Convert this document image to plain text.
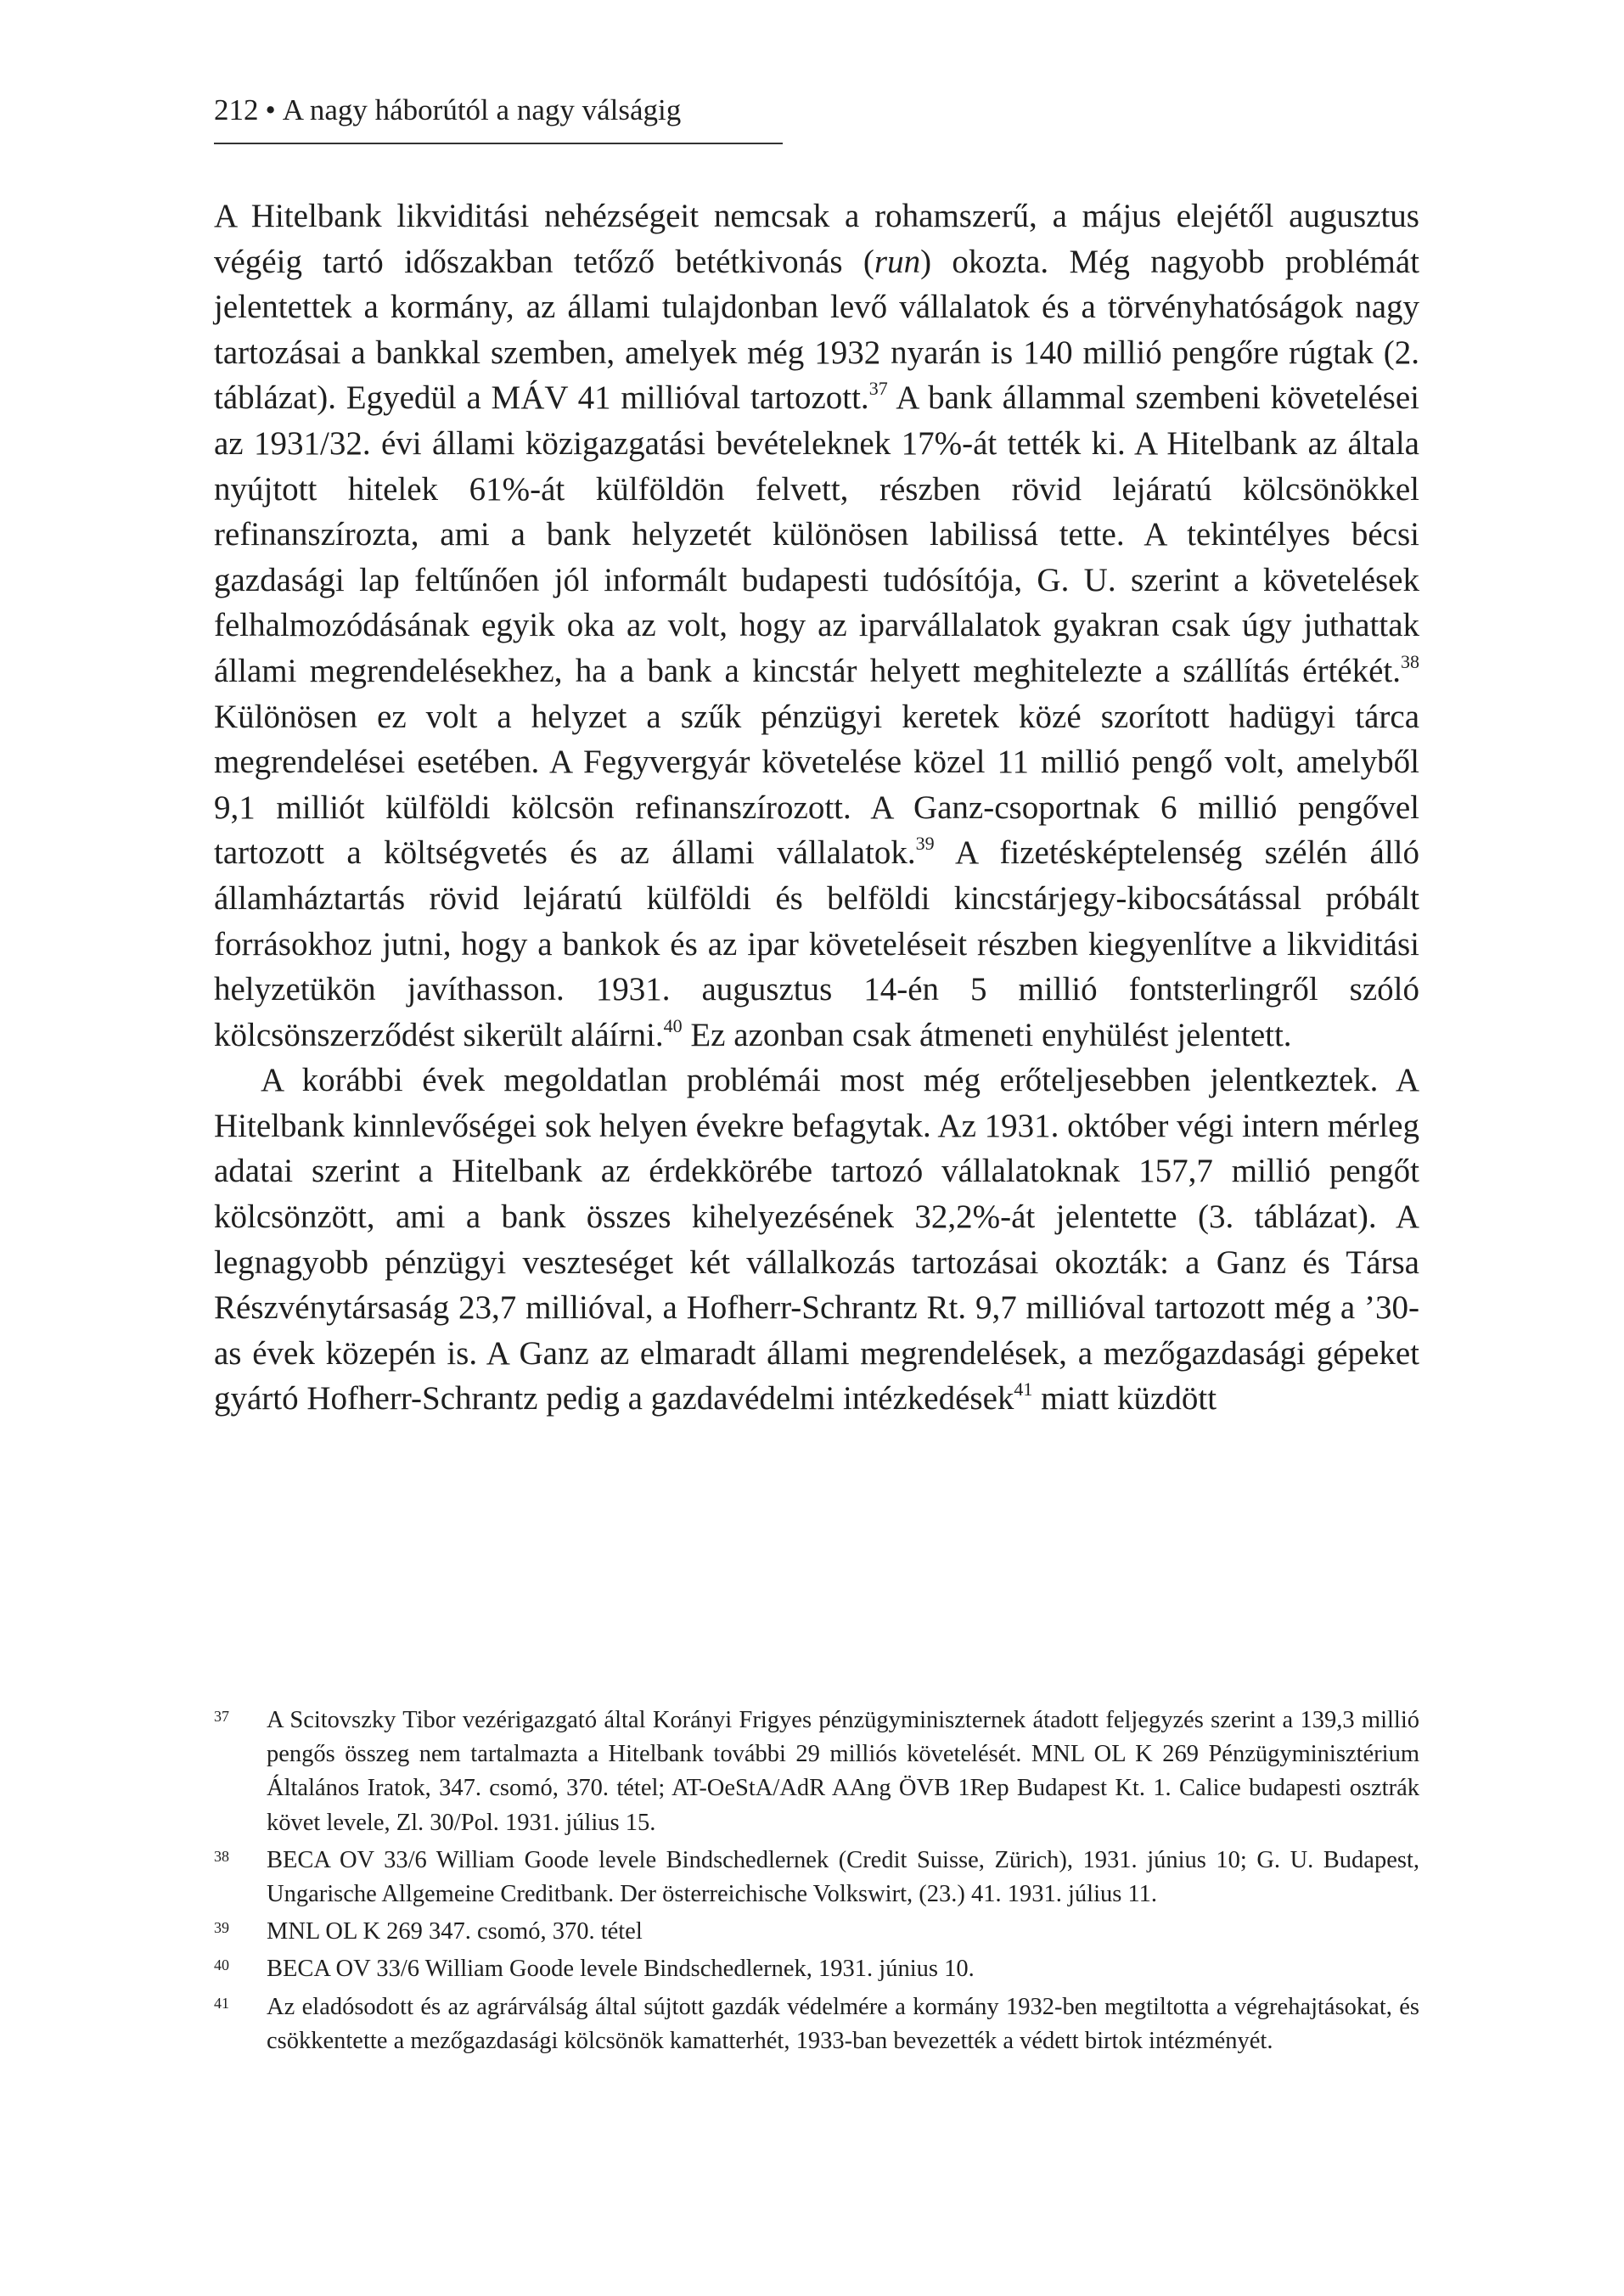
212 • A nagy háborútól a nagy válságig

A Hitelbank likviditási nehézségeit nemcsak a rohamszerű, a május elejétől augusztus végéig tartó időszakban tetőző betétkivonás (run) okozta. Még nagyobb problémát jelentettek a kormány, az állami tulajdonban levő vállalatok és a törvényhatóságok nagy tartozásai a bankkal szemben, amelyek még 1932 nyarán is 140 millió pengőre rúgtak (2. táblázat). Egyedül a MÁV 41 millióval tartozott.$^{37}$ A bank állammal szembeni követelései az 1931/32. évi állami közigazgatási bevételeknek 17%-át tették ki. A Hitelbank az általa nyújtott hitelek 61%-át külföldön felvett, részben rövid lejáratú kölcsönökkel refinanszírozta, ami a bank helyzetét különösen labilissá tette. A tekintélyes bécsi gazdasági lap feltűnően jól informált budapesti tudósítója, G. U. szerint a követelések felhalmozódásának egyik oka az volt, hogy az iparvállalatok gyakran csak úgy juthattak állami megrendelésekhez, ha a bank a kincstár helyett meghitelezte a szállítás értékét.$^{38}$ Különösen ez volt a helyzet a szűk pénzügyi keretek közé szorított hadügyi tárca megrendelései esetében. A Fegyvergyár követelése közel 11 millió pengő volt, amelyből 9,1 milliót külföldi kölcsön refinanszírozott. A Ganz-csoportnak 6 millió pengővel tartozott a költségvetés és az állami vállalatok.$^{39}$ A fizetésképtelenség szélén álló államháztartás rövid lejáratú külföldi és belföldi kincstárjegy-kibocsátással próbált forrásokhoz jutni, hogy a bankok és az ipar követeléseit részben kiegyenlítve a likviditási helyzetükön javíthasson. 1931. augusztus 14-én 5 millió fontsterlingről szóló kölcsönszerződést sikerült aláírni.$^{40}$ Ez azonban csak átmeneti enyhülést jelentett.

A korábbi évek megoldatlan problémái most még erőteljesebben jelentkeztek. A Hitelbank kinnlevőségei sok helyen évekre befagytak. Az 1931. október végi intern mérleg adatai szerint a Hitelbank az érdekkörébe tartozó vállalatoknak 157,7 millió pengőt kölcsönzött, ami a bank összes kihelyezésének 32,2%-át jelentette (3. táblázat). A legnagyobb pénzügyi veszteséget két vállalkozás tartozásai okozták: a Ganz és Társa Részvénytársaság 23,7 millióval, a Hofherr-Schrantz Rt. 9,7 millióval tartozott még a ’30-as évek közepén is. A Ganz az elmaradt állami megrendelések, a mezőgazdasági gépeket gyártó Hofherr-Schrantz pedig a gazdavédelmi intézkedések$^{41}$ miatt küzdött

37	A Scitovszky Tibor vezérigazgató által Korányi Frigyes pénzügyminiszternek átadott feljegyzés szerint a 139,3 millió pengős összeg nem tartalmazta a Hitelbank további 29 milliós követelését. MNL OL K 269 Pénzügyminisztérium Általános Iratok, 347. csomó, 370. tétel; AT-OeStA/AdR AAng ÖVB 1Rep Budapest Kt. 1. Calice budapesti osztrák követ levele, Zl. 30/Pol. 1931. július 15.
38	BECA OV 33/6 William Goode levele Bindschedlernek (Credit Suisse, Zürich), 1931. június 10; G. U. Budapest, Ungarische Allgemeine Creditbank. Der österreichische Volkswirt, (23.) 41. 1931. július 11.
39	MNL OL K 269 347. csomó, 370. tétel
40	BECA OV 33/6 William Goode levele Bindschedlernek, 1931. június 10.
41	Az eladósodott és az agrárválság által sújtott gazdák védelmére a kormány 1932-ben megtiltotta a végrehajtásokat, és csökkentette a mezőgazdasági kölcsönök kamatterhét, 1933-ban bevezették a védett birtok intézményét.
